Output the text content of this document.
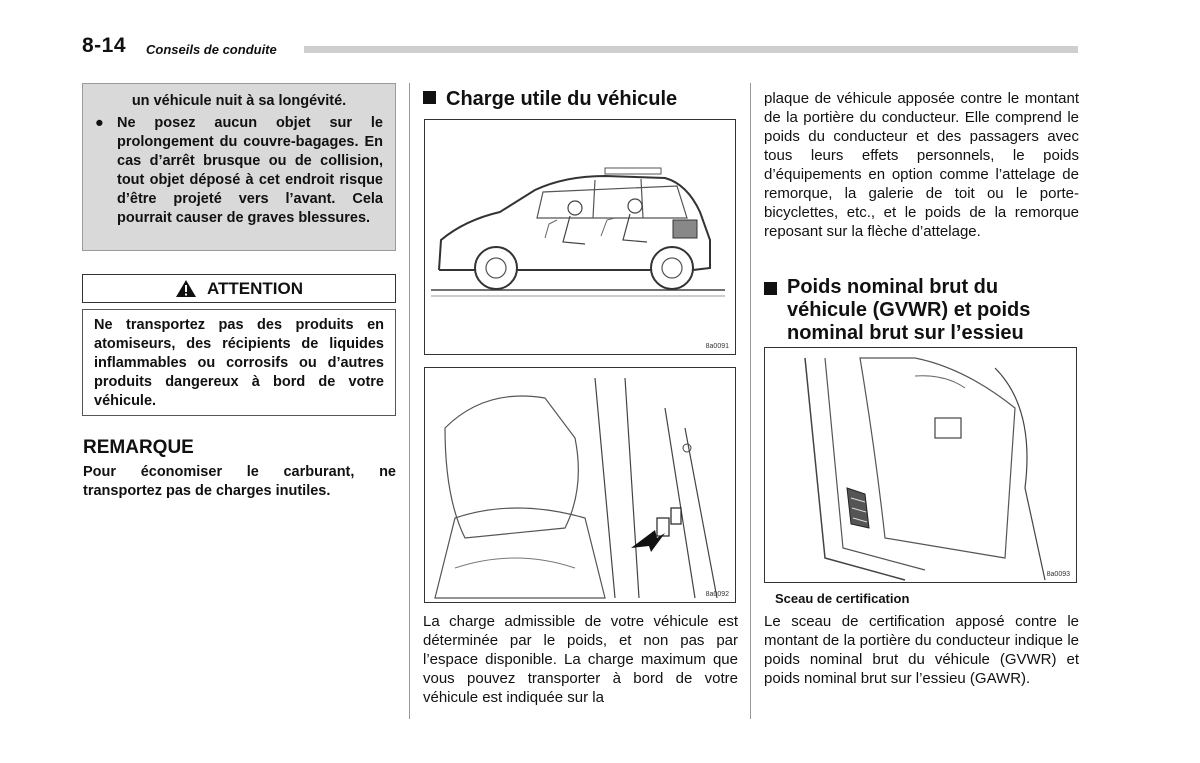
8-14 Conseils de conduite

un véhicule nuit à sa longévité.

● Ne posez aucun objet sur le prolongement du couvre-bagages. En cas d’arrêt brusque ou de collision, tout objet déposé à cet endroit risque d’être projeté vers l’avant. Cela pourrait causer de graves blessures.
ATTENTION
Ne transportez pas des produits en atomiseurs, des récipients de liquides inflammables ou corrosifs ou d’autres produits dangereux à bord de votre véhicule.
REMARQUE
Pour économiser le carburant, ne transportez pas de charges inutiles.
Charge utile du véhicule
8a0091
8a0092
La charge admissible de votre véhicule est déterminée par le poids, et non pas par l’espace disponible. La charge maximum que vous pouvez transporter à bord de votre véhicule est indiquée sur la
plaque de véhicule apposée contre le montant de la portière du conducteur. Elle comprend le poids du conducteur et des passagers avec tous leurs effets personnels, le poids d’équipements en option comme l’attelage de remorque, la galerie de toit ou le porte-bicyclettes, etc., et le poids de la remorque reposant sur la flèche d’attelage.
Poids nominal brut du véhicule (GVWR) et poids nominal brut sur l’essieu
8a0093
Sceau de certification
Le sceau de certification apposé contre le montant de la portière du conducteur indique le poids nominal brut du véhicule (GVWR) et poids nominal brut sur l’essieu (GAWR).
